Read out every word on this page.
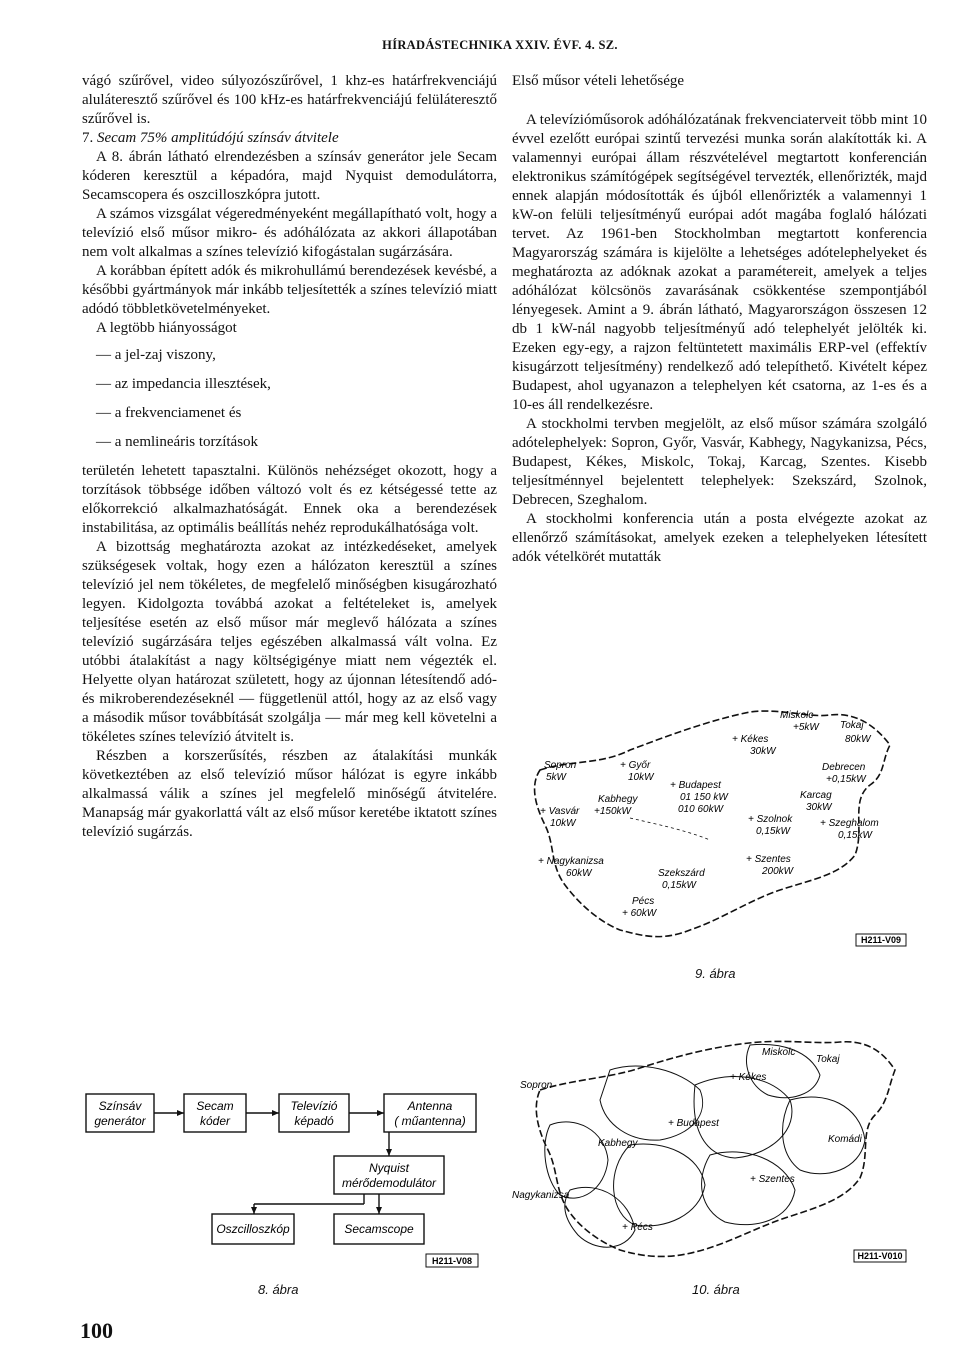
HÍRADÁSTECHNIKA XXIV. ÉVF. 4. SZ.

vágó szűrővel, video súlyozószűrővel, 1 khz-es határfrekvenciájú aluláteresztő szűrővel és 100 kHz-es határfrekvenciájú felüláteresztő szűrővel is.

7. Secam 75% amplitúdójú színsáv átvitele

A 8. ábrán látható elrendezésben a színsáv generátor jele Secam kóderen keresztül a képadóra, majd Nyquist demodulátorra, Secamscopera és oszcilloszkópra jutott.

A számos vizsgálat végeredményeként megállapítható volt, hogy a televízió első műsor mikro- és adóhálózata az akkori állapotában nem volt alkalmas a színes televízió kifogástalan sugárzására.

A korábban épített adók és mikrohullámú berendezések kevésbé, a későbbi gyártmányok már inkább teljesítették a színes televízió miatt adódó többletkövetelményeket.

A legtöbb hiányosságot

— a jel-zaj viszony,
— az impedancia illesztések,
— a frekvenciamenet és
— a nemlineáris torzítások

területén lehetett tapasztalni. Különös nehézséget okozott, hogy a torzítások többsége időben változó volt és ez kétségessé tette az előkorrekció alkalmazhatóságát. Ennek oka a berendezések instabilitása, az optimális beállítás nehéz reprodukálhatósága volt.

A bizottság meghatározta azokat az intézkedéseket, amelyek szükségesek voltak, hogy ezen a hálózaton keresztül a színes televízió jel nem tökéletes, de megfelelő minőségben kisugározható legyen. Kidolgozta továbbá azokat a feltételeket is, amelyek teljesítése esetén az első műsor már meglevő hálózata a színes televízió sugárzására teljes egészében alkalmassá vált volna. Ez utóbbi átalakítást a nagy költségigénye miatt nem végezték el. Helyette olyan határozat született, hogy az újonnan létesítendő adó- és mikroberendezéseknél — függetlenül attól, hogy az az első vagy a második műsor továbbítását szolgálja — már meg kell követelni a tökéletes színes televízió átvitelt is.

Részben a korszerűsítés, részben az átalakítási munkák következtében az első televízió műsor hálózat is egyre inkább alkalmassá válik a színes jel megfelelő minőségű átvitelére. Manapság már gyakorlattá vált az első műsor keretébe iktatott színes televízió sugárzás.

Első műsor vételi lehetősége

A televízióműsorok adóhálózatának frekvenciaterveit több mint 10 évvel ezelőtt európai szintű tervezési munka során alakították ki. A valamennyi európai állam részvételével megtartott konferencián elektronikus számítógépek segítségével tervezték, ellenőrizték, majd ennek alapján módosították és újból ellenőrizték a valamennyi 1 kW-on felüli teljesítményű európai adót magába foglaló hálózati tervet. Az 1961-ben Stockholmban megtartott konferencia Magyarország számára is kijelölte a lehetséges adótelephelyeket és meghatározta az adóknak azokat a paramétereit, amelyek a teljes adóhálózat kölcsönös zavarásának csökkentése szempontjából lényegesek. Amint a 9. ábrán látható, Magyarországon összesen 12 db 1 kW-nál nagyobb teljesítményű adó telephelyét jelölték ki. Ezeken egy-egy, a rajzon feltüntetett maximális ERP-vel (effektív kisugárzott teljesítmény) rendelkező adó telepíthető. Kivételt képez Budapest, ahol ugyanazon a telephelyen két csatorna, az 1-es és a 10-es áll rendelkezésre.

A stockholmi tervben megjelölt, az első műsor számára szolgáló adótelephelyek: Sopron, Győr, Vasvár, Kabhegy, Nagykanizsa, Pécs, Budapest, Kékes, Miskolc, Tokaj, Karcag, Szentes. Kisebb teljesítménnyel bejelentett telephelyek: Szekszárd, Szolnok, Debrecen, Szeghalom.

A stockholmi konferencia után a posta elvégezte azokat az ellenőrző számításokat, amelyek ezeken a telephelyeken létesített adók vételkörét mutatták

Színsáv
generátor
Secam
kóder
Televízió
képadó
Antenna
( műantenna)
Nyquist
mérődemodulátor
Oszcilloszkóp	Secamscope
H211-V08
8. ábra
Miskolc
+5kW Tokaj
80kW
+ Kékes
30kW
Debrecen
+0,15kW
Sopron
5kW
+ Győr
10kW
+ Budapest
01 150 kW
010 60kW
Karcag
30kW
Kabhegy
+150kW
+ Vasvár
10kW	+ Szolnok
0,15kW
+ Szeghalom
0,15kW
+ Szentes
200kW
+ Nagykanizsa
60kW	Szekszárd
0,15kW
Pécs
+ 60kW
H211-V09
9. ábra
Miskolc
Tokaj
+ Kékes
Sopron
+ Budapest
Kabhegy	Komádi
+ Szentes
Nagykanizsa
+ Pécs
H211-V010
10. ábra
100
